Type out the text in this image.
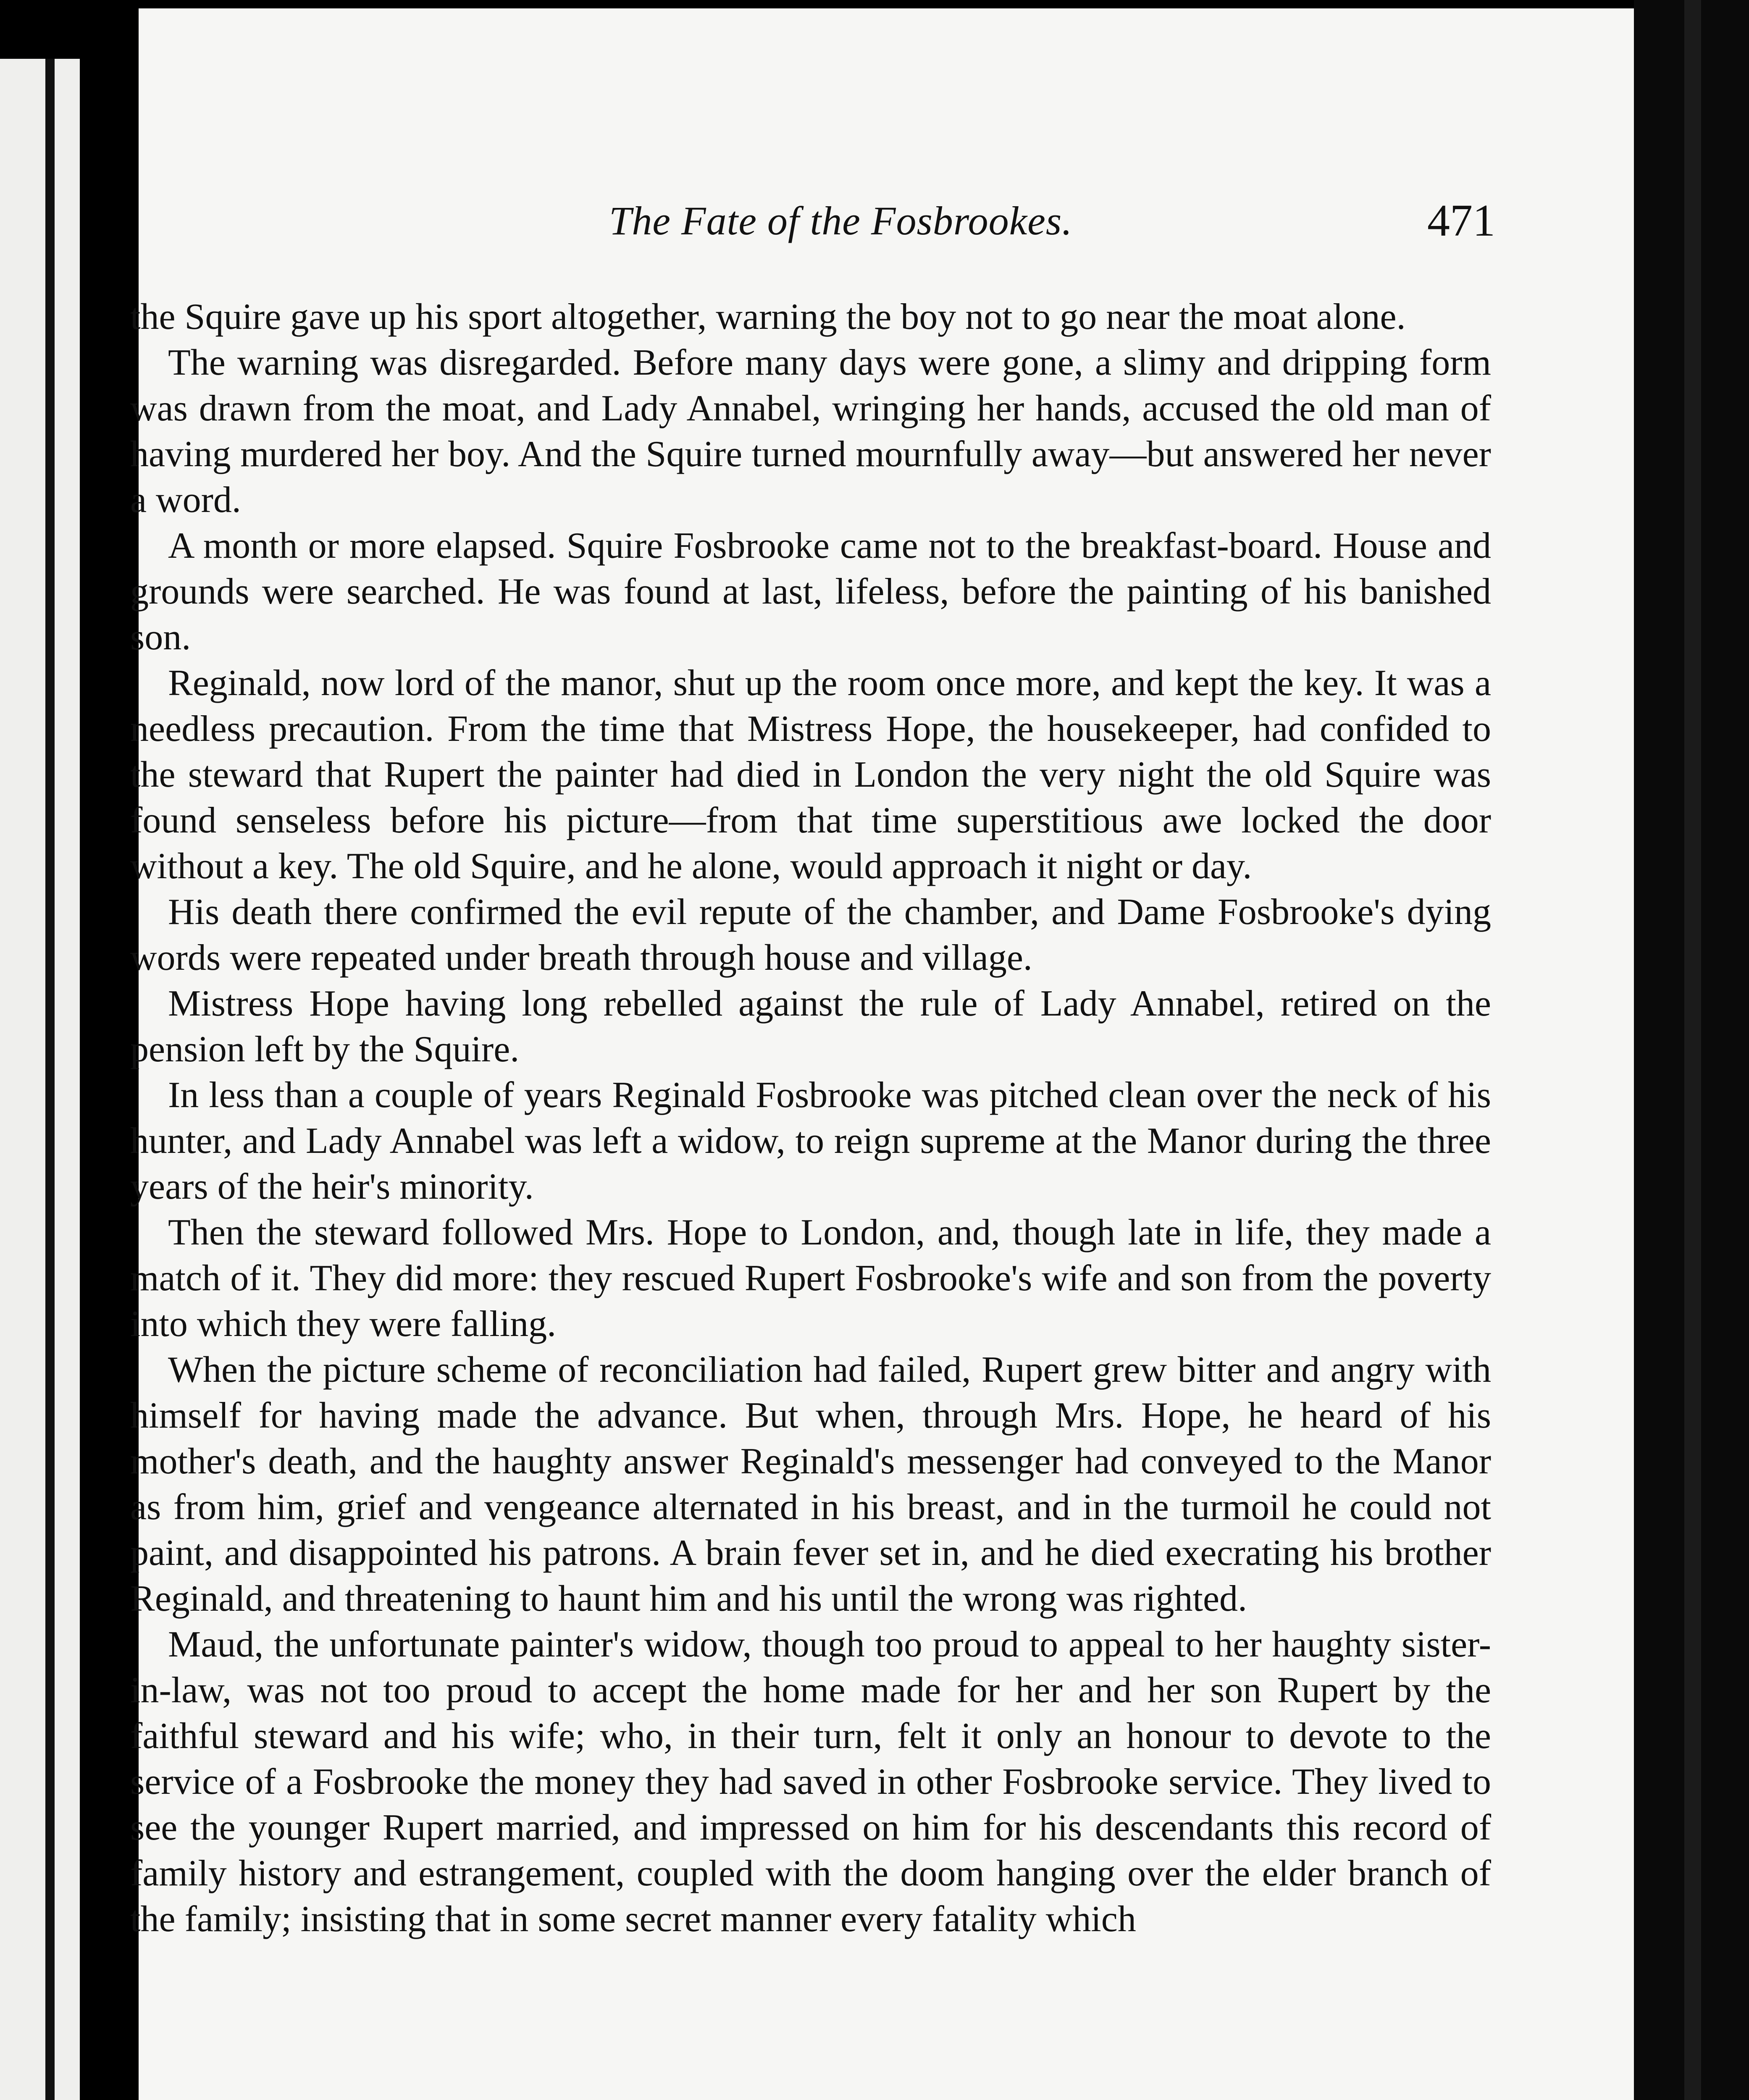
The Fate of the Fosbrookes.	471

the Squire gave up his sport altogether, warning the boy not to go near the moat alone.

The warning was disregarded. Before many days were gone, a slimy and dripping form was drawn from the moat, and Lady Annabel, wringing her hands, accused the old man of having murdered her boy. And the Squire turned mournfully away—but answered her never a word.

A month or more elapsed. Squire Fosbrooke came not to the breakfast-board. House and grounds were searched. He was found at last, lifeless, before the painting of his banished son.

Reginald, now lord of the manor, shut up the room once more, and kept the key. It was a needless precaution. From the time that Mistress Hope, the housekeeper, had confided to the steward that Rupert the painter had died in London the very night the old Squire was found senseless before his picture—from that time superstitious awe locked the door without a key. The old Squire, and he alone, would approach it night or day.

His death there confirmed the evil repute of the chamber, and Dame Fosbrooke's dying words were repeated under breath through house and village.

Mistress Hope having long rebelled against the rule of Lady Annabel, retired on the pension left by the Squire.

In less than a couple of years Reginald Fosbrooke was pitched clean over the neck of his hunter, and Lady Annabel was left a widow, to reign supreme at the Manor during the three years of the heir's minority.

Then the steward followed Mrs. Hope to London, and, though late in life, they made a match of it. They did more: they rescued Rupert Fosbrooke's wife and son from the poverty into which they were falling.

When the picture scheme of reconciliation had failed, Rupert grew bitter and angry with himself for having made the advance. But when, through Mrs. Hope, he heard of his mother's death, and the haughty answer Reginald's messenger had conveyed to the Manor as from him, grief and vengeance alternated in his breast, and in the turmoil he could not paint, and disappointed his patrons. A brain fever set in, and he died execrating his brother Reginald, and threatening to haunt him and his until the wrong was righted.

Maud, the unfortunate painter's widow, though too proud to appeal to her haughty sister-in-law, was not too proud to accept the home made for her and her son Rupert by the faithful steward and his wife; who, in their turn, felt it only an honour to devote to the service of a Fosbrooke the money they had saved in other Fosbrooke service. They lived to see the younger Rupert married, and impressed on him for his descendants this record of family history and estrangement, coupled with the doom hanging over the elder branch of the family; insisting that in some secret manner every fatality which
